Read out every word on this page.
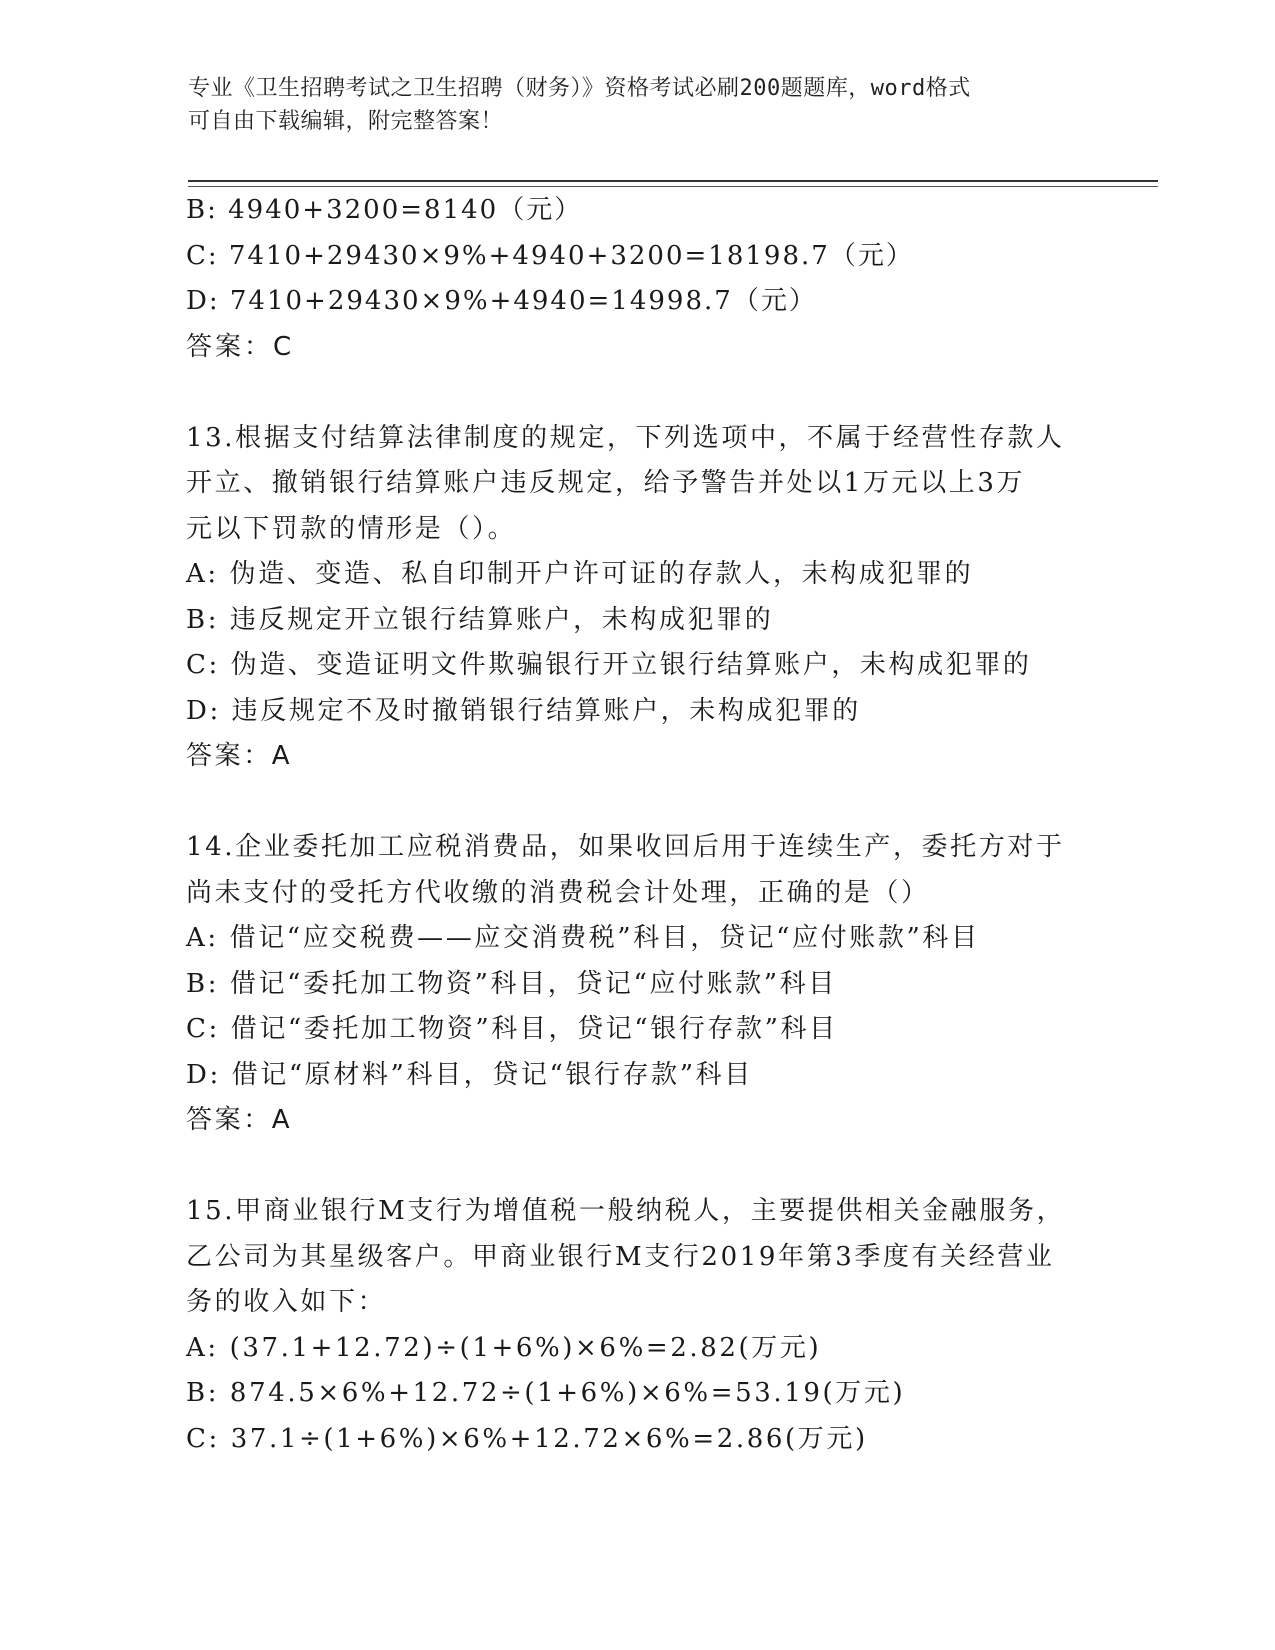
专业《卫生招聘考试之卫生招聘（财务）》资格考试必刷200题题库，word格式
可自由下载编辑，附完整答案！
B: 4940+3200=8140（元）
C: 7410+29430×9%+4940+3200=18198.7（元）
D: 7410+29430×9%+4940=14998.7（元）
答案：C
13.根据支付结算法律制度的规定，下列选项中，不属于经营性存款人
开立、撤销银行结算账户违反规定，给予警告并处以1万元以上3万
元以下罚款的情形是（）。
A: 伪造、变造、私自印制开户许可证的存款人，未构成犯罪的
B: 违反规定开立银行结算账户，未构成犯罪的
C: 伪造、变造证明文件欺骗银行开立银行结算账户，未构成犯罪的
D: 违反规定不及时撤销银行结算账户，未构成犯罪的
答案：A
14.企业委托加工应税消费品，如果收回后用于连续生产，委托方对于
尚未支付的受托方代收缴的消费税会计处理，正确的是（）
A: 借记“应交税费——应交消费税”科目，贷记“应付账款”科目
B: 借记“委托加工物资”科目，贷记“应付账款”科目
C: 借记“委托加工物资”科目，贷记“银行存款”科目
D: 借记“原材料”科目，贷记“银行存款”科目
答案：A
15.甲商业银行M支行为增值税一般纳税人，主要提供相关金融服务，
乙公司为其星级客户。甲商业银行M支行2019年第3季度有关经营业
务的收入如下：
A: (37.1+12.72)÷(1+6%)×6%=2.82(万元)
B: 874.5×6%+12.72÷(1+6%)×6%=53.19(万元)
C: 37.1÷(1+6%)×6%+12.72×6%=2.86(万元)
